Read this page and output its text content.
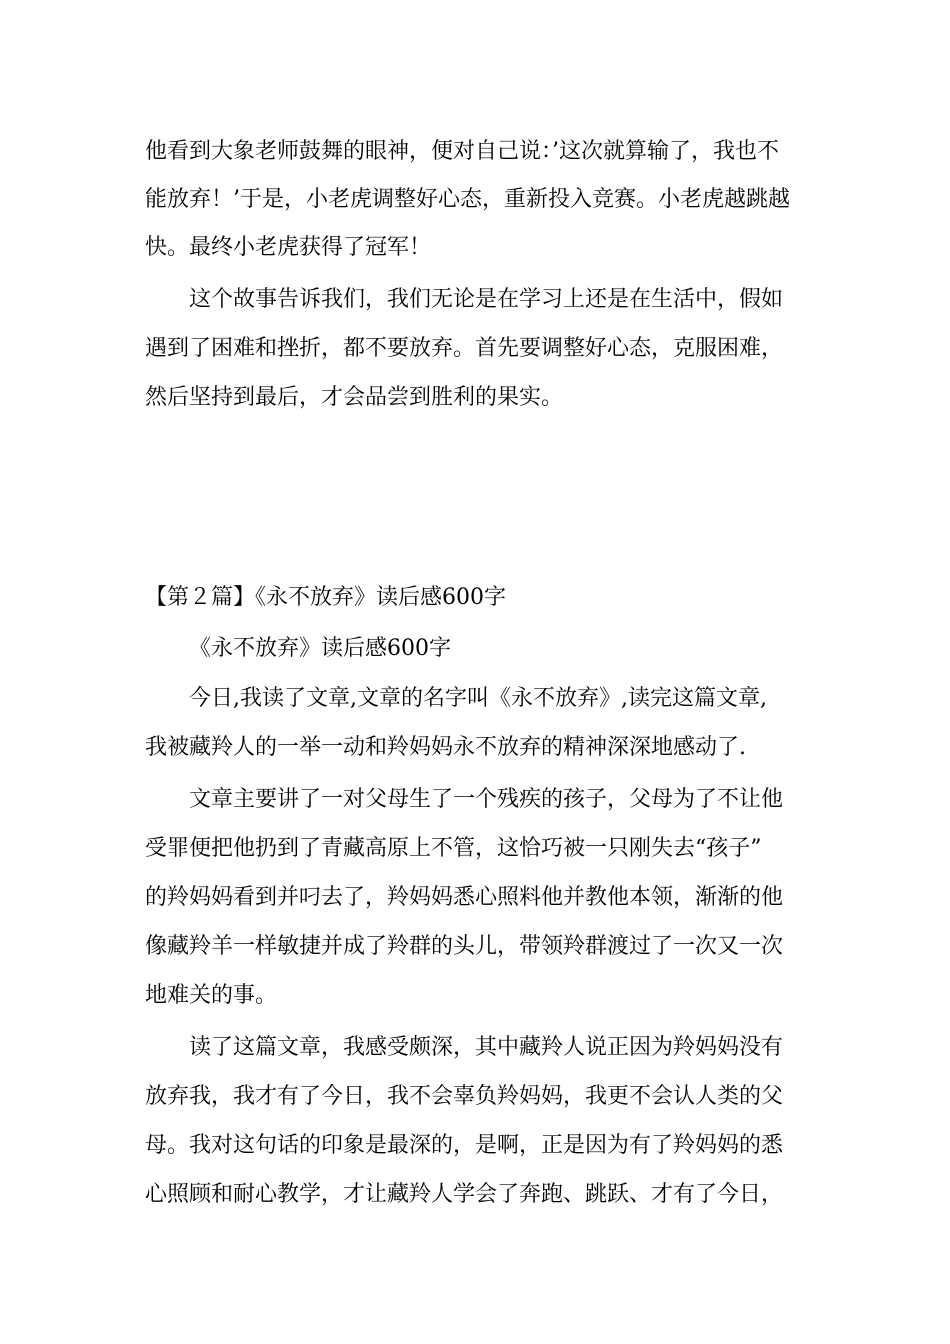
他看到大象老师鼓舞的眼神，便对自己说：’这次就算输了，我也不
能放弃！’于是，小老虎调整好心态，重新投入竞赛。小老虎越跳越
快。最终小老虎获得了冠军！
这个故事告诉我们，我们无论是在学习上还是在生活中，假如
遇到了困难和挫折，都不要放弃。首先要调整好心态，克服困难，
然后坚持到最后，才会品尝到胜利的果实。
【第２篇】《永不放弃》读后感600字
《永不放弃》读后感600字
今日,我读了文章,文章的名字叫《永不放弃》,读完这篇文章,
我被藏羚人的一举一动和羚妈妈永不放弃的精神深深地感动了.
文章主要讲了一对父母生了一个残疾的孩子，父母为了不让他
受罪便把他扔到了青藏高原上不管，这恰巧被一只刚失去“孩子”
的羚妈妈看到并叼去了，羚妈妈悉心照料他并教他本领，渐渐的他
像藏羚羊一样敏捷并成了羚群的头儿，带领羚群渡过了一次又一次
地难关的事。
读了这篇文章，我感受颇深，其中藏羚人说正因为羚妈妈没有
放弃我，我才有了今日，我不会辜负羚妈妈，我更不会认人类的父
母。我对这句话的印象是最深的，是啊，正是因为有了羚妈妈的悉
心照顾和耐心教学，才让藏羚人学会了奔跑、跳跃、才有了今日，
